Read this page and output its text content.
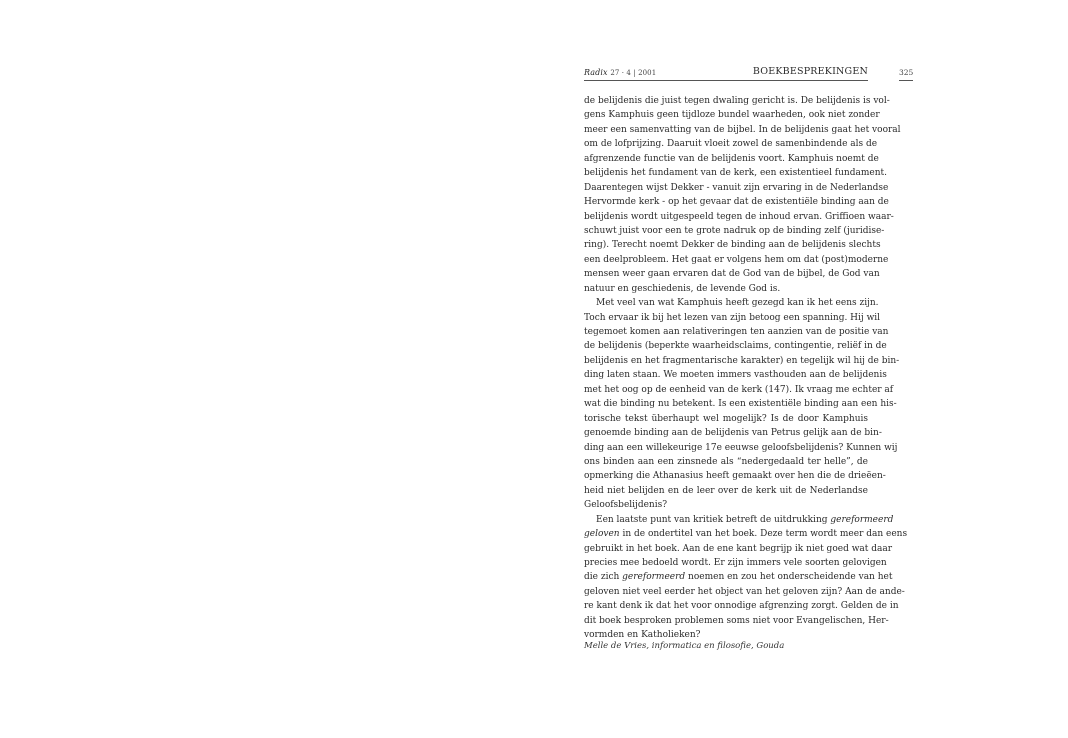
Radix 27 · 4 | 2001	BOEKBESPREKINGEN	325
de belijdenis die juist tegen dwaling gericht is. De belijdenis is vol-
gens Kamphuis geen tijdloze bundel waarheden, ook niet zonder
meer een samenvatting van de bijbel. In de belijdenis gaat het vooral
om de lofprijzing. Daaruit vloeit zowel de samenbindende als de
afgrenzende functie van de belijdenis voort. Kamphuis noemt de
belijdenis het fundament van de kerk, een existentieel fundament.
Daarentegen wijst Dekker - vanuit zijn ervaring in de Nederlandse
Hervormde kerk - op het gevaar dat de existentiële binding aan de
belijdenis wordt uitgespeeld tegen de inhoud ervan. Griffioen waar-
schuwt juist voor een te grote nadruk op de binding zelf (juridise-
ring). Terecht noemt Dekker de binding aan de belijdenis slechts
een deelprobleem. Het gaat er volgens hem om dat (post)moderne
mensen weer gaan ervaren dat de God van de bijbel, de God van
natuur en geschiedenis, de levende God is.
Met veel van wat Kamphuis heeft gezegd kan ik het eens zijn.
Toch ervaar ik bij het lezen van zijn betoog een spanning. Hij wil
tegemoet komen aan relativeringen ten aanzien van de positie van
de belijdenis (beperkte waarheidsclaims, contingentie, reliëf in de
belijdenis en het fragmentarische karakter) en tegelijk wil hij de bin-
ding laten staan. We moeten immers vasthouden aan de belijdenis
met het oog op de eenheid van de kerk (147). Ik vraag me echter af
wat die binding nu betekent. Is een existentiële binding aan een his-
torische tekst überhaupt wel mogelijk? Is de door Kamphuis
genoemde binding aan de belijdenis van Petrus gelijk aan de bin-
ding aan een willekeurige 17e eeuwse geloofsbelijdenis? Kunnen wij
ons binden aan een zinsnede als “nedergedaald ter helle”, de
opmerking die Athanasius heeft gemaakt over hen die de drieëen-
heid niet belijden en de leer over de kerk uit de Nederlandse
Geloofsbelijdenis?
Een laatste punt van kritiek betreft de uitdrukking gereformeerd
geloven in de ondertitel van het boek. Deze term wordt meer dan eens
gebruikt in het boek. Aan de ene kant begrijp ik niet goed wat daar
precies mee bedoeld wordt. Er zijn immers vele soorten gelovigen
die zich gereformeerd noemen en zou het onderscheidende van het
geloven niet veel eerder het object van het geloven zijn? Aan de ande-
re kant denk ik dat het voor onnodige afgrenzing zorgt. Gelden de in
dit boek besproken problemen soms niet voor Evangelischen, Her-
vormden en Katholieken?
Melle de Vries, informatica en filosofie, Gouda
